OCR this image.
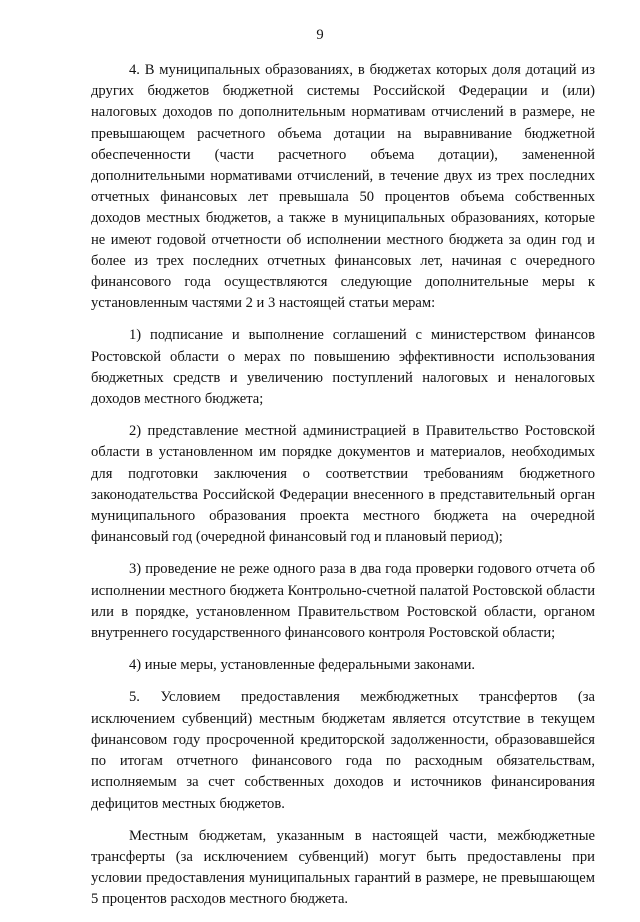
9

4. В муниципальных образованиях, в бюджетах которых доля дотаций из других бюджетов бюджетной системы Российской Федерации и (или) налоговых доходов по дополнительным нормативам отчислений в размере, не превышающем расчетного объема дотации на выравнивание бюджетной обеспеченности (части расчетного объема дотации), замененной дополнительными нормативами отчислений, в течение двух из трех последних отчетных финансовых лет превышала 50 процентов объема собственных доходов местных бюджетов, а также в муниципальных образованиях, которые не имеют годовой отчетности об исполнении местного бюджета за один год и более из трех последних отчетных финансовых лет, начиная с очередного финансового года осуществляются следующие дополнительные меры к установленным частями 2 и 3 настоящей статьи мерам:

1) подписание и выполнение соглашений с министерством финансов Ростовской области о мерах по повышению эффективности использования бюджетных средств и увеличению поступлений налоговых и неналоговых доходов местного бюджета;

2) представление местной администрацией в Правительство Ростовской области в установленном им порядке документов и материалов, необходимых для подготовки заключения о соответствии требованиям бюджетного законодательства Российской Федерации внесенного в представительный орган муниципального образования проекта местного бюджета на очередной финансовый год (очередной финансовый год и плановый период);

3) проведение не реже одного раза в два года проверки годового отчета об исполнении местного бюджета Контрольно-счетной палатой Ростовской области или в порядке, установленном Правительством Ростовской области, органом внутреннего государственного финансового контроля Ростовской области;

4) иные меры, установленные федеральными законами.

5. Условием предоставления межбюджетных трансфертов (за исключением субвенций) местным бюджетам является отсутствие в текущем финансовом году просроченной кредиторской задолженности, образовавшейся по итогам отчетного финансового года по расходным обязательствам, исполняемым за счет собственных доходов и источников финансирования дефицитов местных бюджетов.

Местным бюджетам, указанным в настоящей части, межбюджетные трансферты (за исключением субвенций) могут быть предоставлены при условии предоставления муниципальных гарантий в размере, не превышающем 5 процентов расходов местного бюджета.
